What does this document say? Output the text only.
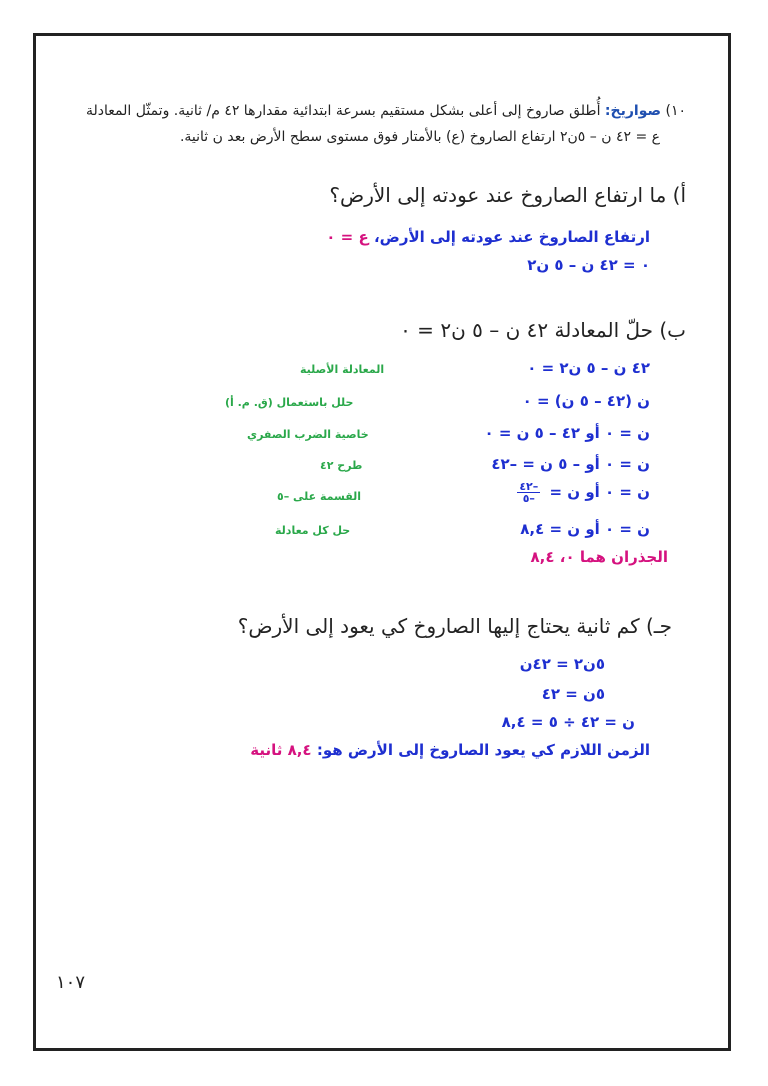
١٠) صواريخ: أُطلق صاروخ إلى أعلى بشكل مستقيم بسرعة ابتدائية مقدارها ٤٢ م/ ثانية. وتمثّل المعادلة
ع = ٤٢ ن – ٥ن٢ ارتفاع الصاروخ (ع) بالأمتار فوق مستوى سطح الأرض بعد ن ثانية.
أ) ما ارتفاع الصاروخ عند عودته إلى الأرض؟
ارتفاع الصاروخ عند عودته إلى الأرض، ع = ٠
٠ = ٤٢ ن – ٥ ن٢
ب) حلّ المعادلة ٤٢ ن – ٥ ن٢ = ٠
٤٢ ن – ٥ ن٢ = ٠
المعادلة الأصلية
ن (٤٢ – ٥ ن) = ٠
حلل باستعمال (ق. م. أ)
ن = ٠ أو ٤٢ – ٥ ن = ٠
خاصية الضرب الصفري
ن = ٠ أو – ٥ ن = –٤٢
طرح ٤٢
ن = ٠ أو ن =
$\frac{-٤٢}{-٥}$
القسمة على –٥
ن = ٠ أو ن = ٨,٤
حل كل معادلة
الجذران هما ٠، ٨,٤
جـ) كم ثانية يحتاج إليها الصاروخ كي يعود إلى الأرض؟
٥ن٢ = ٤٢ن
٥ن = ٤٢
ن = ٤٢ ÷ ٥ = ٨,٤
الزمن اللازم كي يعود الصاروخ إلى الأرض هو: ٨,٤ ثانية
١٠٧
